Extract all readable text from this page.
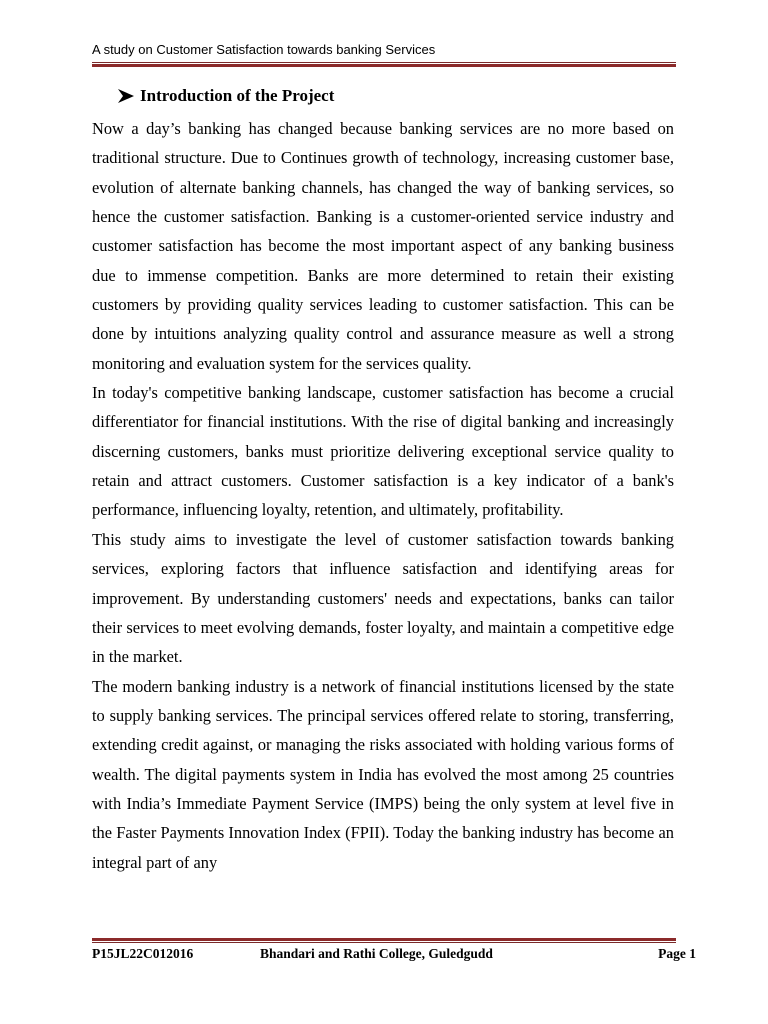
A study on Customer Satisfaction towards banking Services
Introduction of the Project

Now a day’s banking has changed because banking services are no more based on traditional structure. Due to Continues growth of technology, increasing customer base, evolution of alternate banking channels, has changed the way of banking services, so hence the customer satisfaction. Banking is a customer-oriented service industry and customer satisfaction has become the most important aspect of any banking business due to immense competition. Banks are more determined to retain their existing customers by providing quality services leading to customer satisfaction. This can be done by intuitions analyzing quality control and assurance measure as well a strong monitoring and evaluation system for the services quality.

In today's competitive banking landscape, customer satisfaction has become a crucial differentiator for financial institutions. With the rise of digital banking and increasingly discerning customers, banks must prioritize delivering exceptional service quality to retain and attract customers. Customer satisfaction is a key indicator of a bank's performance, influencing loyalty, retention, and ultimately, profitability.

This study aims to investigate the level of customer satisfaction towards banking services, exploring factors that influence satisfaction and identifying areas for improvement. By understanding customers' needs and expectations, banks can tailor their services to meet evolving demands, foster loyalty, and maintain a competitive edge in the market.

The modern banking industry is a network of financial institutions licensed by the state to supply banking services. The principal services offered relate to storing, transferring, extending credit against, or managing the risks associated with holding various forms of wealth. The digital payments system in India has evolved the most among 25 countries with India’s Immediate Payment Service (IMPS) being the only system at level five in the Faster Payments Innovation Index (FPII). Today the banking industry has become an integral part of any

P15JL22C012016	Bhandari and Rathi College, Guledgudd	Page 1
